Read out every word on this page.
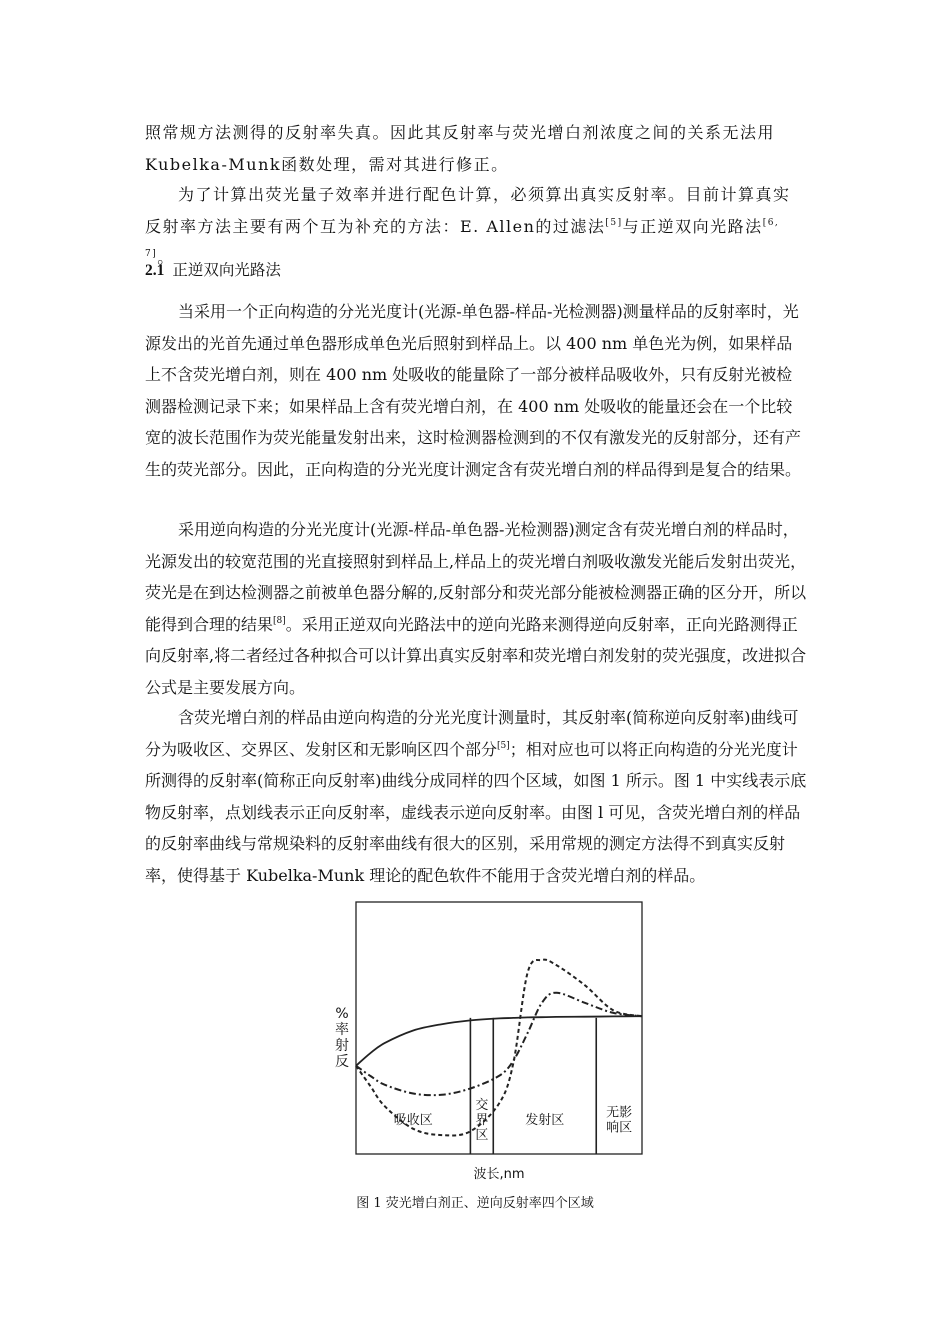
照常规方法测得的反射率失真。因此其反射率与荧光增白剂浓度之间的关系无法用
Kubelka-Munk函数处理，需对其进行修正。

为了计算出荧光量子效率并进行配色计算，必须算出真实反射率。目前计算真实反射率方法主要有两个互为补充的方法：E. Allen的过滤法[5]与正逆双向光路法[6, 7]。

2.1 正逆双向光路法

当采用一个正向构造的分光光度计(光源-单色器-样品-光检测器)测量样品的反射率时，光源发出的光首先通过单色器形成单色光后照射到样品上。以 400 nm 单色光为例，如果样品上不含荧光增白剂，则在 400 nm 处吸收的能量除了一部分被样品吸收外，只有反射光被检测器检测记录下来；如果样品上含有荧光增白剂，在 400 nm 处吸收的能量还会在一个比较宽的波长范围作为荧光能量发射出来，这时检测器检测到的不仅有激发光的反射部分，还有产生的荧光部分。因此，正向构造的分光光度计测定含有荧光增白剂的样品得到是复合的结果。

采用逆向构造的分光光度计(光源-样品-单色器-光检测器)测定含有荧光增白剂的样品时，光源发出的较宽范围的光直接照射到样品上,样品上的荧光增白剂吸收激发光能后发射出荧光，荧光是在到达检测器之前被单色器分解的,反射部分和荧光部分能被检测器正确的区分开，所以能得到合理的结果[8]。采用正逆双向光路法中的逆向光路来测得逆向反射率，正向光路测得正向反射率,将二者经过各种拟合可以计算出真实反射率和荧光增白剂发射的荧光强度，改进拟合公式是主要发展方向。

含荧光增白剂的样品由逆向构造的分光光度计测量时，其反射率(简称逆向反射率)曲线可分为吸收区、交界区、发射区和无影响区四个部分[5]；相对应也可以将正向构造的分光光度计所测得的反射率(简称正向反射率)曲线分成同样的四个区域，如图 1 所示。图 1 中实线表示底物反射率，点划线表示正向反射率，虚线表示逆向反射率。由图 l 可见，含荧光增白剂的样品的反射率曲线与常规染料的反射率曲线有很大的区别，采用常规的测定方法得不到真实反射率，使得基于 Kubelka-Munk 理论的配色软件不能用于含荧光增白剂的样品。

吸收区
交
界
区
发射区	无影
响区
%
率
射
反
波长,nm

图 1 荧光增白剂正、逆向反射率四个区域
